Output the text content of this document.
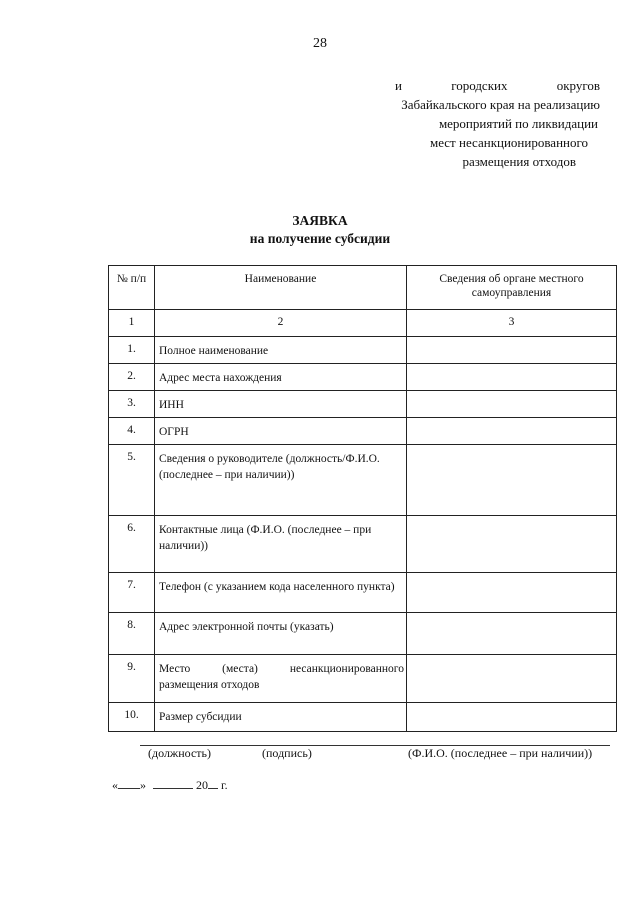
28
и	городских	округов
Забайкальского края на реализацию
мероприятий по ликвидации
мест несанкционированного
размещения отходов
ЗАЯВКА
на получение субсидии
№ п/п	Наименование	Сведения об органе местного самоуправления
1	2	3
1.	Полное наименование	
2.	Адрес места нахождения	
3.	ИНН	
4.	ОГРН	
5.	Сведения о руководителе (должность/Ф.И.О.(последнее – при наличии))	
6.	Контактные лица (Ф.И.О. (последнее – при наличии))	
7.	Телефон (с указанием кода населенного пункта)	
8.	Адрес электронной почты (указать)	
9.	Место (места) несанкционированного размещения отходов	
10.	Размер субсидии	
(должность)	(подпись)	(Ф.И.О. (последнее – при наличии))
« »	20 г.
